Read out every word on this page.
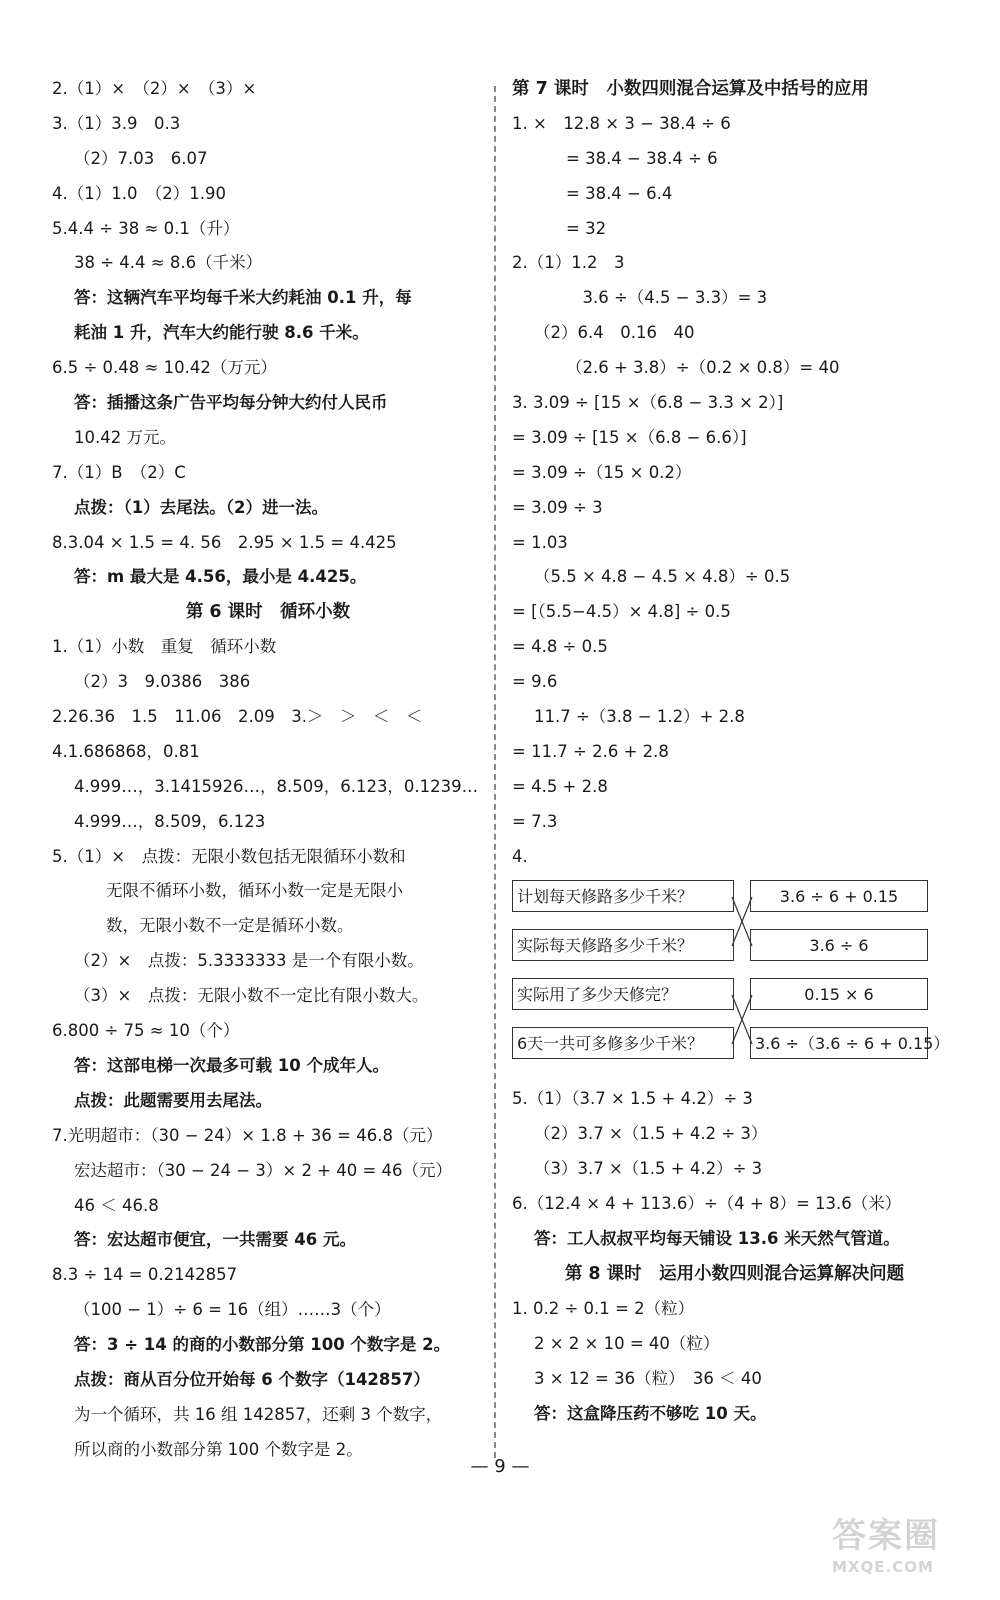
2.（1）×　（2）×　（3）×
3.（1）3.9　0.3
（2）7.03　6.07
4.（1）1.0　（2）1.90
5.4.4 ÷ 38 ≈ 0.1（升）
38 ÷ 4.4 ≈ 8.6（千米）
答：这辆汽车平均每千米大约耗油 0.1 升，每
耗油 1 升，汽车大约能行驶 8.6 千米。
6.5 ÷ 0.48 ≈ 10.42（万元）
答：插播这条广告平均每分钟大约付人民币
10.42 万元。
7.（1）B　（2）C
点拨：（1）去尾法。（2）进一法。
8.3.04 × 1.5 = 4. 56　2.95 × 1.5 = 4.425
答：m 最大是 4.56，最小是 4.425。
第 6 课时　循环小数
1.（1）小数　重复　循环小数
（2）3　9.0386　386
2.26.36　1.5　11.06　2.09　3.＞　＞　＜　＜
4.1.686868，0.81
4.999…，3.1415926…，8.509，6.123，0.1239…
4.999…，8.509，6.123
5.（1）×　点拨：无限小数包括无限循环小数和
无限不循环小数，循环小数一定是无限小
数，无限小数不一定是循环小数。
（2）×　点拨：5.3333333 是一个有限小数。
（3）×　点拨：无限小数不一定比有限小数大。
6.800 ÷ 75 ≈ 10（个）
答：这部电梯一次最多可载 10 个成年人。
点拨：此题需要用去尾法。
7.光明超市：（30 − 24）× 1.8 + 36 = 46.8（元）
宏达超市：（30 − 24 − 3）× 2 + 40 = 46（元）
46 ＜ 46.8
答：宏达超市便宜，一共需要 46 元。
8.3 ÷ 14 = 0.2142857
（100 − 1）÷ 6 = 16（组）……3（个）
答：3 ÷ 14 的商的小数部分第 100 个数字是 2。
点拨：商从百分位开始每 6 个数字（142857）
为一个循环，共 16 组 142857，还剩 3 个数字，
所以商的小数部分第 100 个数字是 2。
第 7 课时　小数四则混合运算及中括号的应用
1. ×　12.8 × 3 − 38.4 ÷ 6
= 38.4 − 38.4 ÷ 6
= 38.4 − 6.4
= 32
2.（1）1.2　3
　3.6 ÷（4.5 − 3.3）= 3
（2）6.4　0.16　40
（2.6 + 3.8）÷（0.2 × 0.8）= 40
3. 3.09 ÷ [15 ×（6.8 − 3.3 × 2）]
= 3.09 ÷ [15 ×（6.8 − 6.6）]
= 3.09 ÷（15 × 0.2）
= 3.09 ÷ 3
= 1.03
（5.5 × 4.8 − 4.5 × 4.8）÷ 0.5
= [（5.5−4.5）× 4.8] ÷ 0.5
= 4.8 ÷ 0.5
= 9.6
11.7 ÷（3.8 − 1.2）+ 2.8
= 11.7 ÷ 2.6 + 2.8
= 4.5 + 2.8
= 7.3
4.
计划每天修路多少千米？	3.6 ÷ 6 + 0.15
实际每天修路多少千米？	3.6 ÷ 6
实际用了多少天修完？	0.15 × 6
6天一共可多修多少千米？	3.6 ÷（3.6 ÷ 6 + 0.15）
5.（1）（3.7 × 1.5 + 4.2）÷ 3
（2）3.7 ×（1.5 + 4.2 ÷ 3）
（3）3.7 ×（1.5 + 4.2）÷ 3
6.（12.4 × 4 + 113.6）÷（4 + 8）= 13.6（米）
答：工人叔叔平均每天铺设 13.6 米天然气管道。
第 8 课时　运用小数四则混合运算解决问题
1. 0.2 ÷ 0.1 = 2（粒）
2 × 2 × 10 = 40（粒）
3 × 12 = 36（粒）　36 ＜ 40
答：这盒降压药不够吃 10 天。
— 9 —
答案圈
MXQE.COM
